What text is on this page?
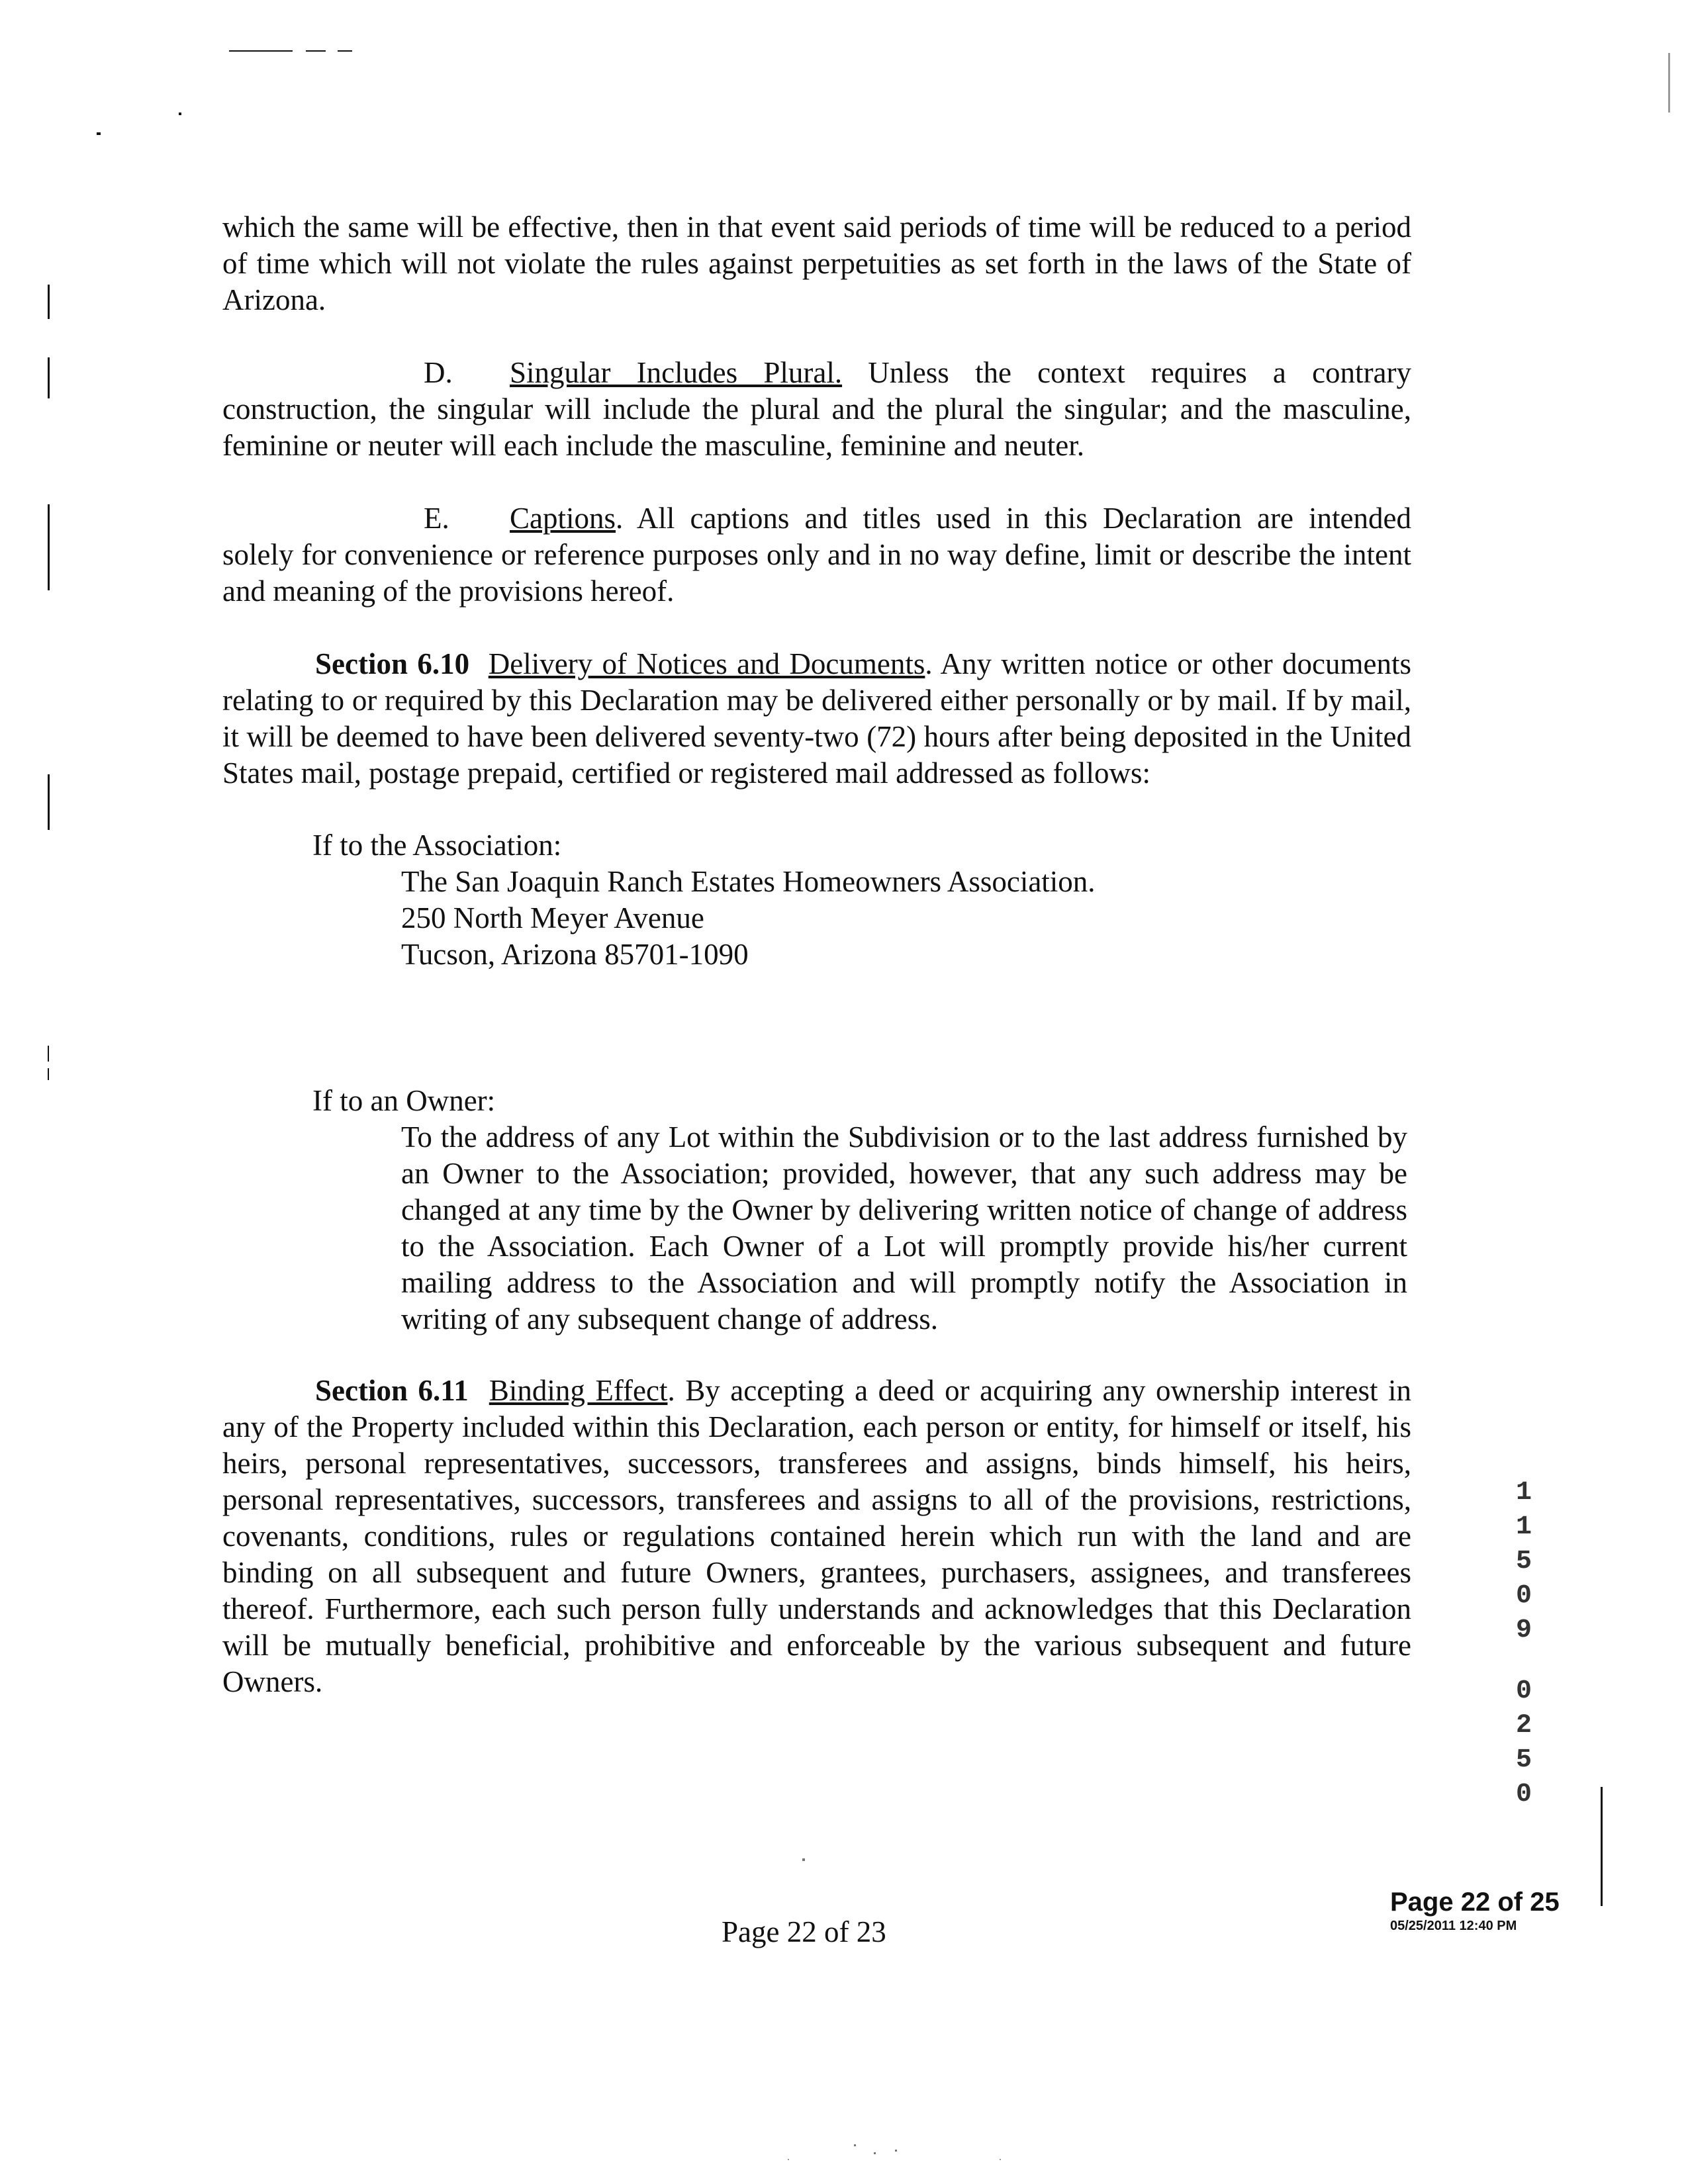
which the same will be effective, then in that event said periods of time will be reduced to a period of time which will not violate the rules against perpetuities as set forth in the laws of the State of Arizona.

D. Singular Includes Plural. Unless the context requires a contrary construction, the singular will include the plural and the plural the singular; and the masculine, feminine or neuter will each include the masculine, feminine and neuter.

E. Captions. All captions and titles used in this Declaration are intended solely for convenience or reference purposes only and in no way define, limit or describe the intent and meaning of the provisions hereof.

Section 6.10 Delivery of Notices and Documents. Any written notice or other documents relating to or required by this Declaration may be delivered either personally or by mail. If by mail, it will be deemed to have been delivered seventy-two (72) hours after being deposited in the United States mail, postage prepaid, certified or registered mail addressed as follows:

If to the Association:
The San Joaquin Ranch Estates Homeowners Association.
250 North Meyer Avenue
Tucson, Arizona 85701-1090
If to an Owner:
To the address of any Lot within the Subdivision or to the last address furnished by an Owner to the Association; provided, however, that any such address may be changed at any time by the Owner by delivering written notice of change of address to the Association. Each Owner of a Lot will promptly provide his/her current mailing address to the Association and will promptly notify the Association in writing of any subsequent change of address.

Section 6.11 Binding Effect. By accepting a deed or acquiring any ownership interest in any of the Property included within this Declaration, each person or entity, for himself or itself, his heirs, personal representatives, successors, transferees and assigns, binds himself, his heirs, personal representatives, successors, transferees and assigns to all of the provisions, restrictions, covenants, conditions, rules or regulations contained herein which run with the land and are binding on all subsequent and future Owners, grantees, purchasers, assignees, and transferees thereof. Furthermore, each such person fully understands and acknowledges that this Declaration will be mutually beneficial, prohibitive and enforceable by the various subsequent and future Owners.

1
1
5
0
9
0
2
5
0
Page 22 of 23
Page 22 of 25
05/25/2011 12:40 PM
